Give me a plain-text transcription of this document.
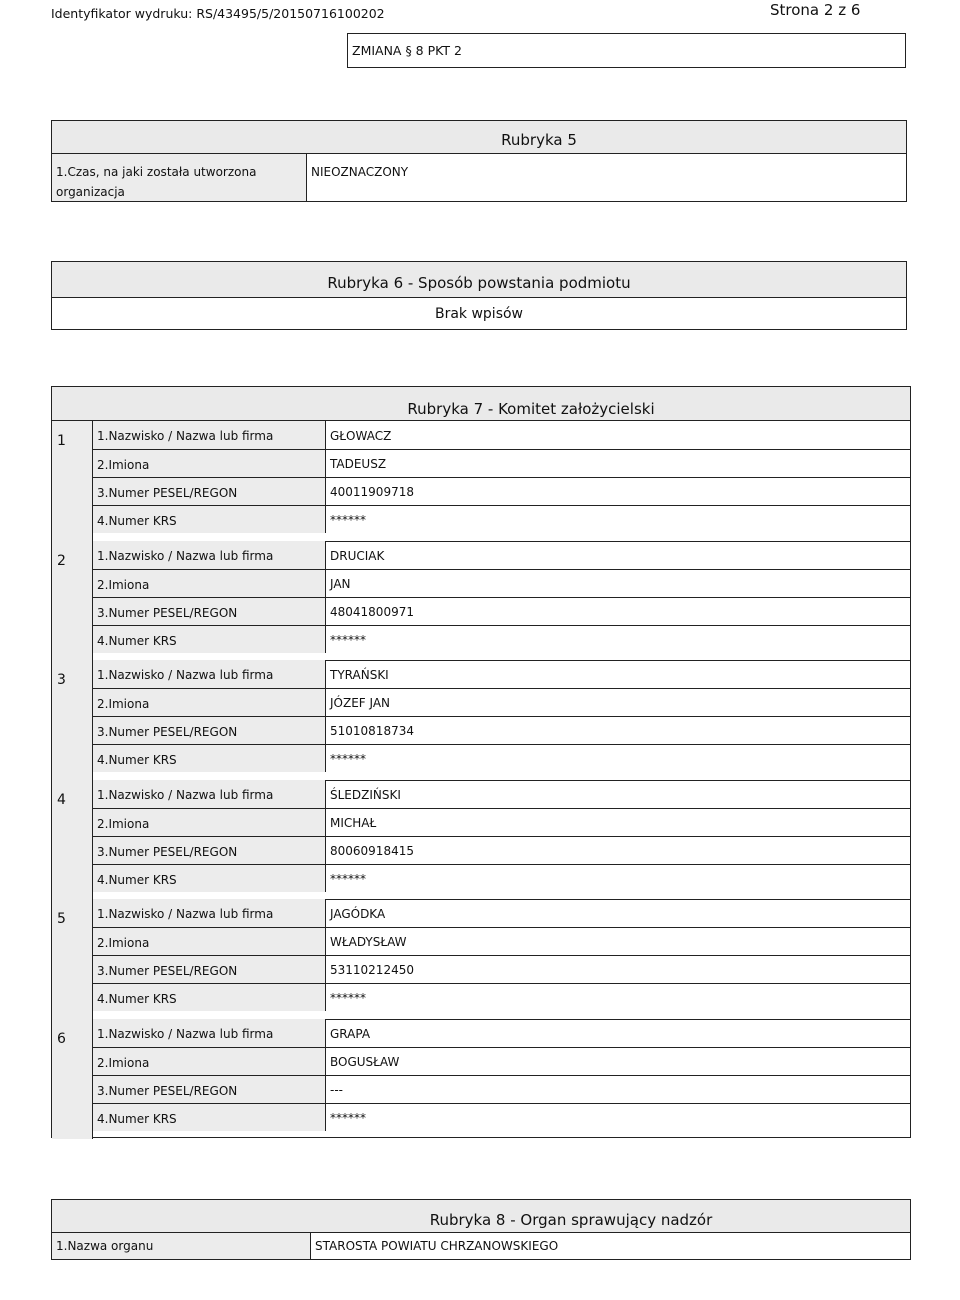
Identyfikator wydruku: RS/43495/5/20150716100202	Strona 2 z 6
ZMIANA § 8 PKT 2
Rubryka 5
1.Czas, na jaki została utworzona
organizacja
NIEOZNACZONY
Rubryka 6 - Sposób powstania podmiotu
Brak wpisów
Rubryka 7 - Komitet założycielski
1	1.Nazwisko / Nazwa lub firma	GŁOWACZ
2.Imiona	TADEUSZ
3.Numer PESEL/REGON	40011909718
4.Numer KRS	******
2	1.Nazwisko / Nazwa lub firma	DRUCIAK
2.Imiona	JAN
3.Numer PESEL/REGON	48041800971
4.Numer KRS	******
3	1.Nazwisko / Nazwa lub firma	TYRAŃSKI
2.Imiona	JÓZEF JAN
3.Numer PESEL/REGON	51010818734
4.Numer KRS	******
4	1.Nazwisko / Nazwa lub firma	ŚLEDZIŃSKI
2.Imiona	MICHAŁ
3.Numer PESEL/REGON	80060918415
4.Numer KRS	******
5	1.Nazwisko / Nazwa lub firma	JAGÓDKA
2.Imiona	WŁADYSŁAW
3.Numer PESEL/REGON	53110212450
4.Numer KRS	******
6	1.Nazwisko / Nazwa lub firma	GRAPA
2.Imiona	BOGUSŁAW
3.Numer PESEL/REGON	---
4.Numer KRS	******
Rubryka 8 - Organ sprawujący nadzór
1.Nazwa organu	STAROSTA POWIATU CHRZANOWSKIEGO
